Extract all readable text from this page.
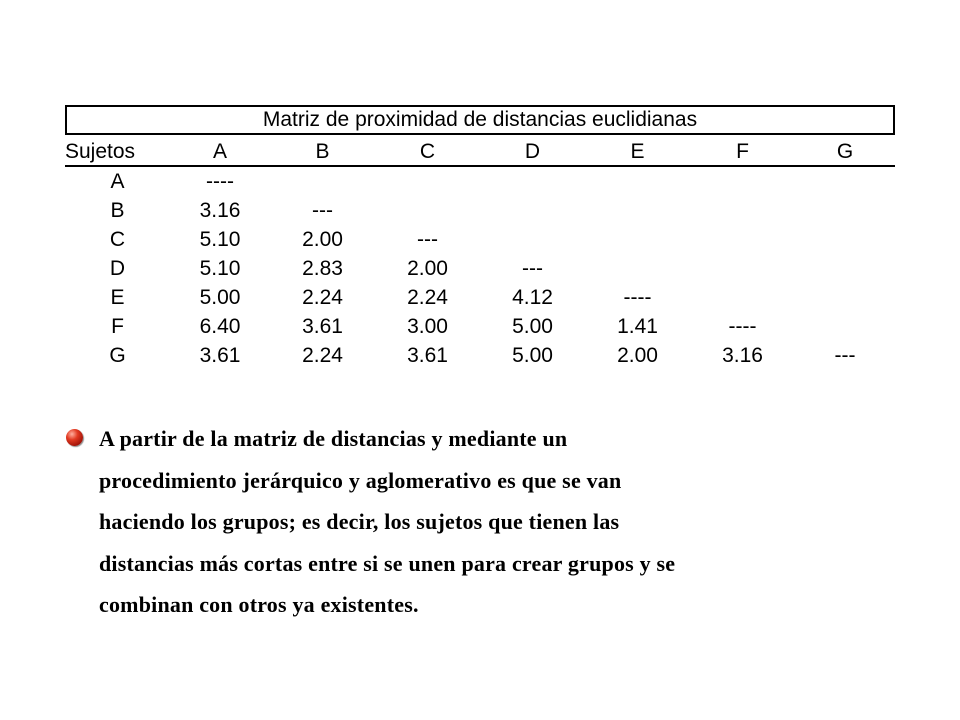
Matriz de proximidad de distancias euclidianas
Sujetos	A	B	C	D	E	F	G
A	----						
B	3.16	---					
C	5.10	2.00	---				
D	5.10	2.83	2.00	---			
E	5.00	2.24	2.24	4.12	----		
F	6.40	3.61	3.00	5.00	1.41	----	
G	3.61	2.24	3.61	5.00	2.00	3.16	---
A partir de la matriz de distancias y mediante un
procedimiento jerárquico y aglomerativo es que se van
haciendo los grupos; es decir, los sujetos que tienen las
distancias más cortas entre si se unen para crear grupos y se
combinan con otros ya existentes.
